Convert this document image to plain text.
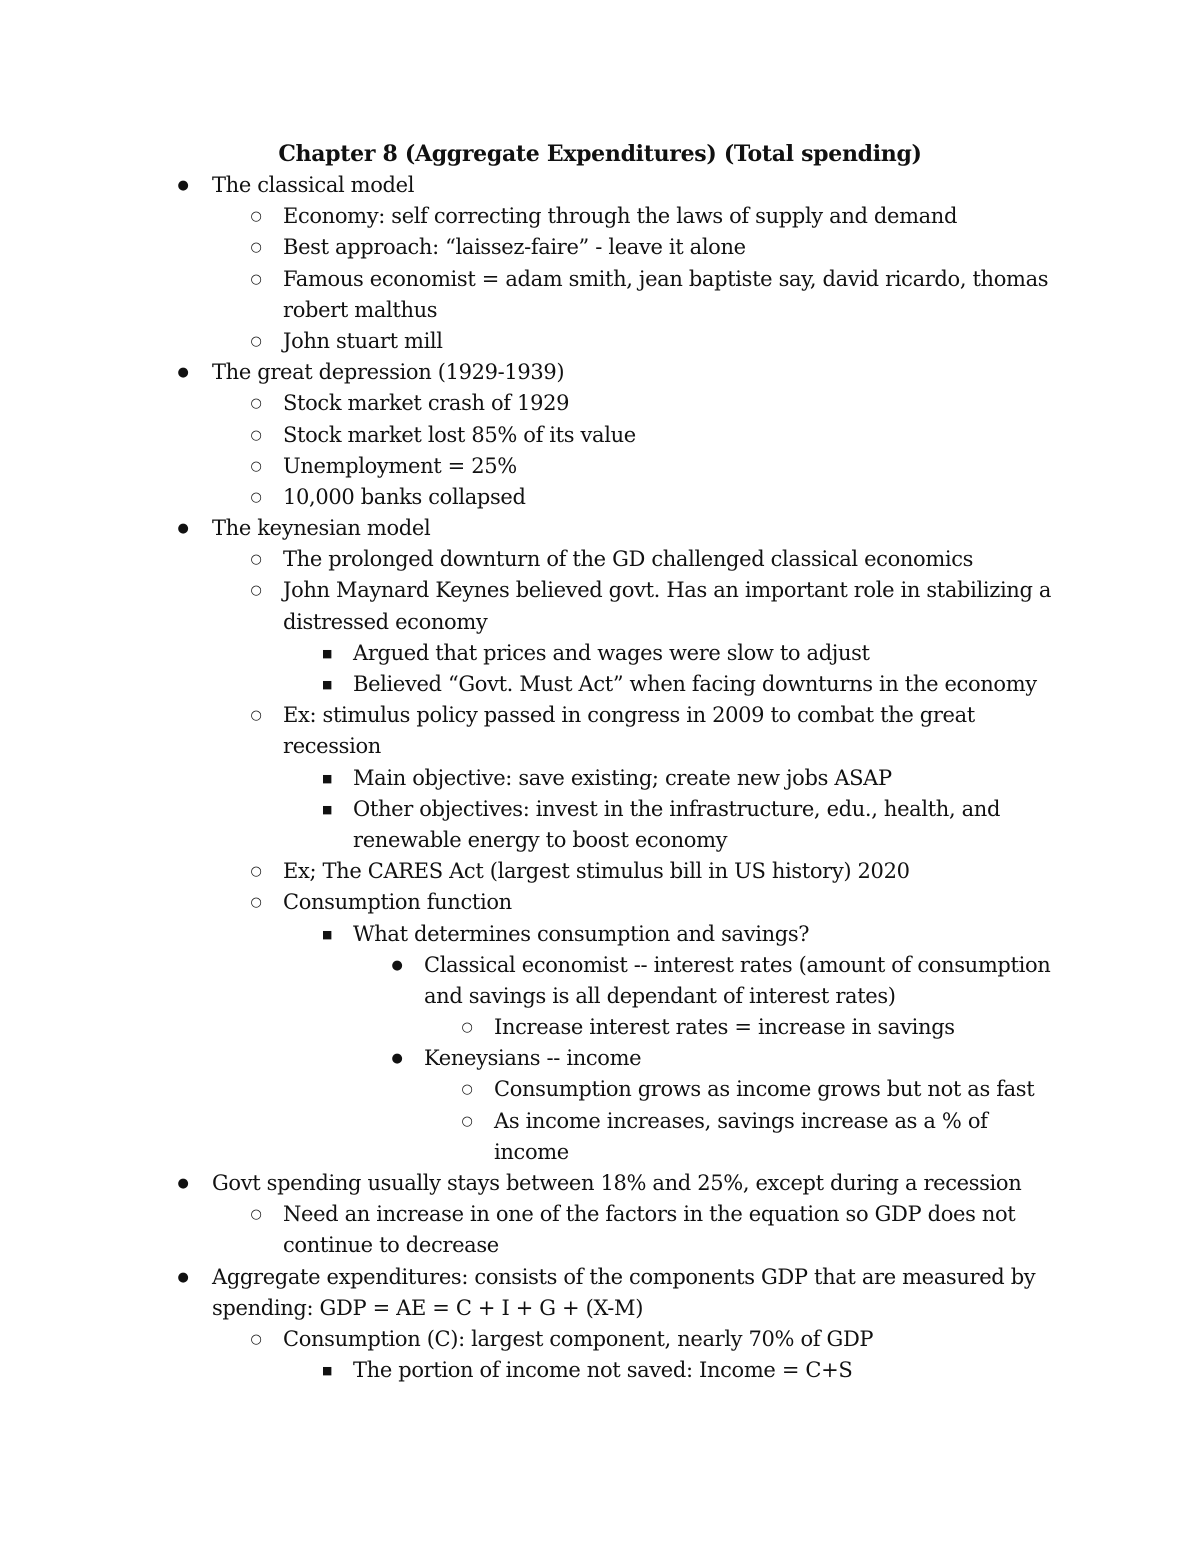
Chapter 8 (Aggregate Expenditures) (Total spending)
● The classical model
○ Economy: self correcting through the laws of supply and demand
○ Best approach: “laissez-faire” - leave it alone
○ Famous economist = adam smith, jean baptiste say, david ricardo, thomas
robert malthus
○ John stuart mill
● The great depression (1929-1939)
○ Stock market crash of 1929
○ Stock market lost 85% of its value
○ Unemployment = 25%
○ 10,000 banks collapsed
● The keynesian model
○ The prolonged downturn of the GD challenged classical economics
○ John Maynard Keynes believed govt. Has an important role in stabilizing a
distressed economy
■ Argued that prices and wages were slow to adjust
■ Believed “Govt. Must Act” when facing downturns in the economy
○ Ex: stimulus policy passed in congress in 2009 to combat the great
recession
■ Main objective: save existing; create new jobs ASAP
■ Other objectives: invest in the infrastructure, edu., health, and
renewable energy to boost economy
○ Ex; The CARES Act (largest stimulus bill in US history) 2020
○ Consumption function
■ What determines consumption and savings?
● Classical economist -- interest rates (amount of consumption
and savings is all dependant of interest rates)
○ Increase interest rates = increase in savings
● Keneysians -- income
○ Consumption grows as income grows but not as fast
○ As income increases, savings increase as a % of
income
● Govt spending usually stays between 18% and 25%, except during a recession
○ Need an increase in one of the factors in the equation so GDP does not
continue to decrease
● Aggregate expenditures: consists of the components GDP that are measured by
spending: GDP = AE = C + I + G + (X-M)
○ Consumption (C): largest component, nearly 70% of GDP
■ The portion of income not saved: Income = C+S
